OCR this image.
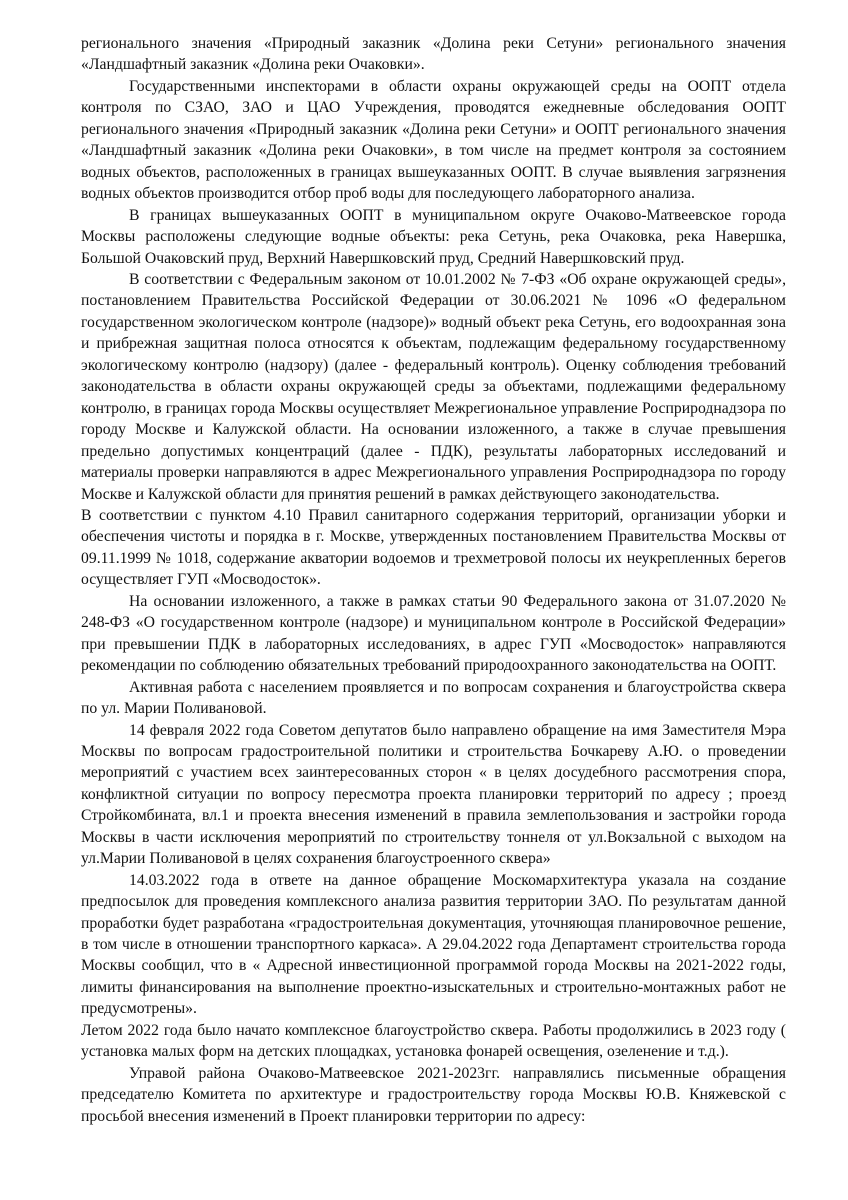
регионального значения «Природный заказник «Долина реки Сетуни» регионального значения «Ландшафтный заказник «Долина реки Очаковки».

Государственными инспекторами в области охраны окружающей среды на ООПТ отдела контроля по СЗАО, ЗАО и ЦАО Учреждения, проводятся ежедневные обследования ООПТ регионального значения «Природный заказник «Долина реки Сетуни» и ООПТ регионального значения «Ландшафтный заказник «Долина реки Очаковки», в том числе на предмет контроля за состоянием водных объектов, расположенных в границах вышеуказанных ООПТ. В случае выявления загрязнения водных объектов производится отбор проб воды для последующего лабораторного анализа.

В границах вышеуказанных ООПТ в муниципальном округе Очаково-Матвеевское города Москвы расположены следующие водные объекты: река Сетунь, река Очаковка, река Навершка, Большой Очаковский пруд, Верхний Навершковский пруд, Средний Навершковский пруд.

В соответствии с Федеральным законом от 10.01.2002 № 7-ФЗ «Об охране окружающей среды», постановлением Правительства Российской Федерации от 30.06.2021 № 1096 «О федеральном государственном экологическом контроле (надзоре)» водный объект река Сетунь, его водоохранная зона и прибрежная защитная полоса относятся к объектам, подлежащим федеральному государственному экологическому контролю (надзору) (далее - федеральный контроль). Оценку соблюдения требований законодательства в области охраны окружающей среды за объектами, подлежащими федеральному контролю, в границах города Москвы осуществляет Межрегиональное управление Росприроднадзора по городу Москве и Калужской области. На основании изложенного, а также в случае превышения предельно допустимых концентраций (далее - ПДК), результаты лабораторных исследований и материалы проверки направляются в адрес Межрегионального управления Росприроднадзора по городу Москве и Калужской области для принятия решений в рамках действующего законодательства.

В соответствии с пунктом 4.10 Правил санитарного содержания территорий, организации уборки и обеспечения чистоты и порядка в г. Москве, утвержденных постановлением Правительства Москвы от 09.11.1999 № 1018, содержание акватории водоемов и трехметровой полосы их неукрепленных берегов осуществляет ГУП «Мосводосток».

На основании изложенного, а также в рамках статьи 90 Федерального закона от 31.07.2020 № 248-ФЗ «О государственном контроле (надзоре) и муниципальном контроле в Российской Федерации» при превышении ПДК в лабораторных исследованиях, в адрес ГУП «Мосводосток» направляются рекомендации по соблюдению обязательных требований природоохранного законодательства на ООПТ.

Активная работа с населением проявляется и по вопросам сохранения и благоустройства сквера по ул. Марии Поливановой.

14 февраля 2022 года Советом депутатов было направлено обращение на имя Заместителя Мэра Москвы по вопросам градостроительной политики и строительства Бочкареву А.Ю. о проведении мероприятий с участием всех заинтересованных сторон « в целях досудебного рассмотрения спора, конфликтной ситуации по вопросу пересмотра проекта планировки территорий по адресу ; проезд Стройкомбината, вл.1 и проекта внесения изменений в правила землепользования и застройки города Москвы в части исключения мероприятий по строительству тоннеля от ул.Вокзальной с выходом на ул.Марии Поливановой в целях сохранения благоустроенного сквера»

14.03.2022 года в ответе на данное обращение Москомархитектура указала на создание предпосылок для проведения комплексного анализа развития территории ЗАО. По результатам данной проработки будет разработана «градостроительная документация, уточняющая планировочное решение, в том числе в отношении транспортного каркаса». А 29.04.2022 года Департамент строительства города Москвы сообщил, что в « Адресной инвестиционной программой города Москвы на 2021-2022 годы, лимиты финансирования на выполнение проектно-изыскательных и строительно-монтажных работ не предусмотрены».

Летом 2022 года было начато комплексное благоустройство сквера. Работы продолжились в 2023 году ( установка малых форм на детских площадках, установка фонарей освещения, озеленение и т.д.).

Управой района Очаково-Матвеевское 2021-2023гг. направлялись письменные обращения председателю Комитета по архитектуре и градостроительству города Москвы Ю.В. Княжевской с просьбой внесения изменений в Проект планировки территории по адресу:
